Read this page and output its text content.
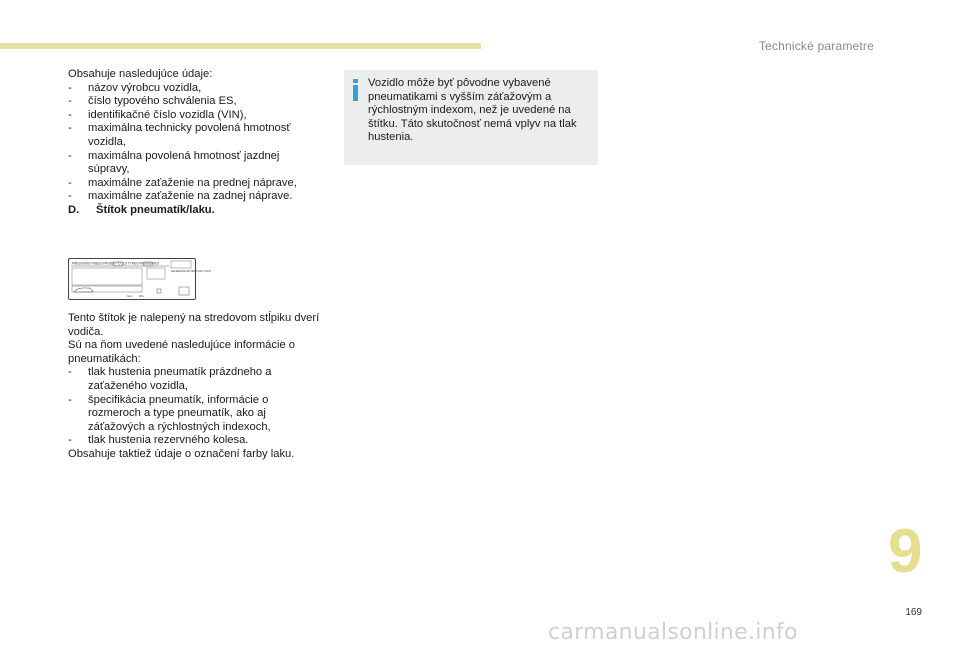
Technické parametre

Obsahuje nasledujúce údaje:

- názov výrobcu vozidla,
- číslo typového schválenia ES,
- identifikačné číslo vozidla (VIN),
- maximálna technicky povolená hmotnosť vozidla,
- maximálna povolená hmotnosť jazdnej súpravy,
- maximálne zaťaženie na prednej náprave,
- maximálne zaťaženie na zadnej náprave.

D. Štítok pneumatík/laku.

PRESSIONS PNEUS FROIDS / COLD TYRES PRESSURES
REFERENCE DE PEINTURE / PAINT
bars kPa

Tento štítok je nalepený na stredovom stĺpiku dverí vodiča.

Sú na ňom uvedené nasledujúce informácie o pneumatikách:

- tlak hustenia pneumatík prázdneho a zaťaženého vozidla,
- špecifikácia pneumatík, informácie o rozmeroch a type pneumatík, ako aj záťažových a rýchlostných indexoch,
- tlak hustenia rezervného kolesa.

Obsahuje taktiež údaje o označení farby laku.

Vozidlo môže byť pôvodne vybavené pneumatikami s vyšším záťažovým a rýchlostným indexom, než je uvedené na štítku. Táto skutočnosť nemá vplyv na tlak hustenia.
9
169
carmanualsonline.info
